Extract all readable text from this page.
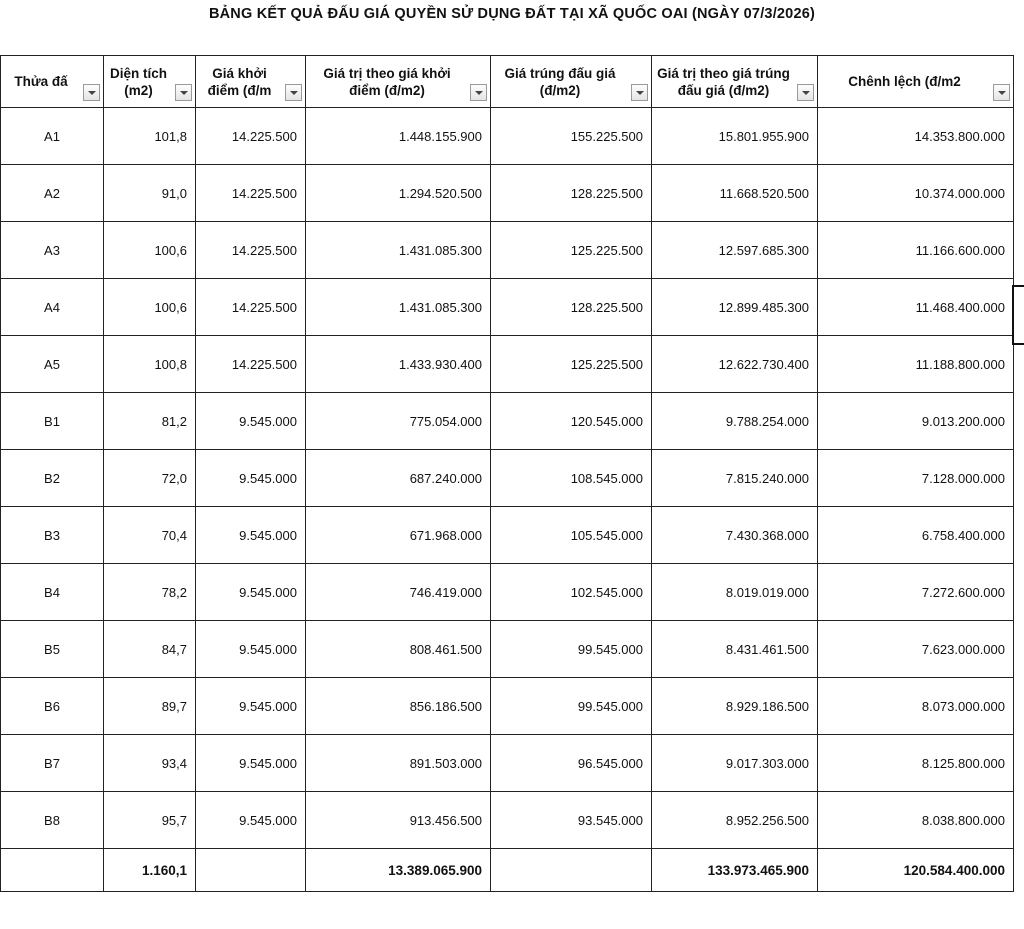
BẢNG KẾT QUẢ ĐẤU GIÁ QUYỀN SỬ DỤNG ĐẤT TẠI XÃ QUỐC OAI (NGÀY 07/3/2026)
Thửa đấ	Diện tích (m2)	Giá khởi điểm (đ/m	Giá trị theo giá khởi điểm (đ/m2)	Giá trúng đấu giá (đ/m2)	Giá trị theo giá trúng đấu giá (đ/m2)	Chênh lệch (đ/m2

A1	101,8	14.225.500	1.448.155.900	155.225.500	15.801.955.900	14.353.800.000
A2	91,0	14.225.500	1.294.520.500	128.225.500	11.668.520.500	10.374.000.000
A3	100,6	14.225.500	1.431.085.300	125.225.500	12.597.685.300	11.166.600.000
A4	100,6	14.225.500	1.431.085.300	128.225.500	12.899.485.300	11.468.400.000
A5	100,8	14.225.500	1.433.930.400	125.225.500	12.622.730.400	11.188.800.000
B1	81,2	9.545.000	775.054.000	120.545.000	9.788.254.000	9.013.200.000
B2	72,0	9.545.000	687.240.000	108.545.000	7.815.240.000	7.128.000.000
B3	70,4	9.545.000	671.968.000	105.545.000	7.430.368.000	6.758.400.000
B4	78,2	9.545.000	746.419.000	102.545.000	8.019.019.000	7.272.600.000
B5	84,7	9.545.000	808.461.500	99.545.000	8.431.461.500	7.623.000.000
B6	89,7	9.545.000	856.186.500	99.545.000	8.929.186.500	8.073.000.000
B7	93,4	9.545.000	891.503.000	96.545.000	9.017.303.000	8.125.800.000
B8	95,7	9.545.000	913.456.500	93.545.000	8.952.256.500	8.038.800.000
	1.160,1		13.389.065.900		133.973.465.900	120.584.400.000
